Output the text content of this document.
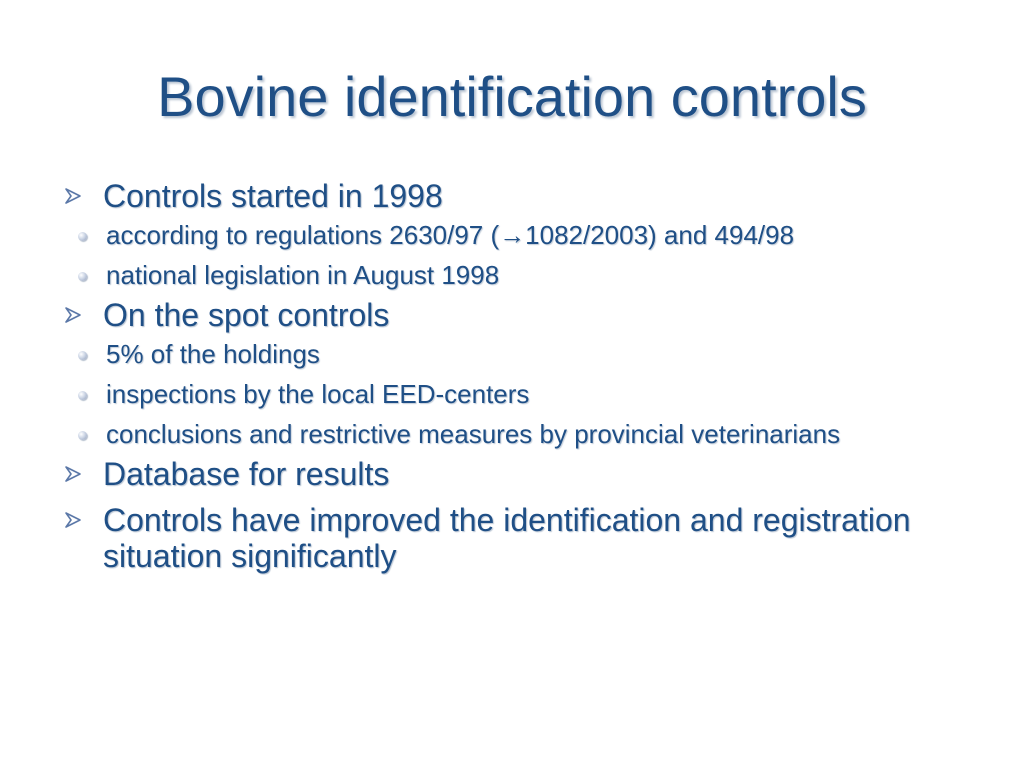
Bovine identification controls
Controls started in 1998
according to regulations 2630/97 (→1082/2003) and 494/98
national legislation in August 1998
On the spot controls
5% of the holdings
inspections by the local EED-centers
conclusions and restrictive measures by provincial veterinarians
Database for results
Controls have improved the identification and registration situation significantly
